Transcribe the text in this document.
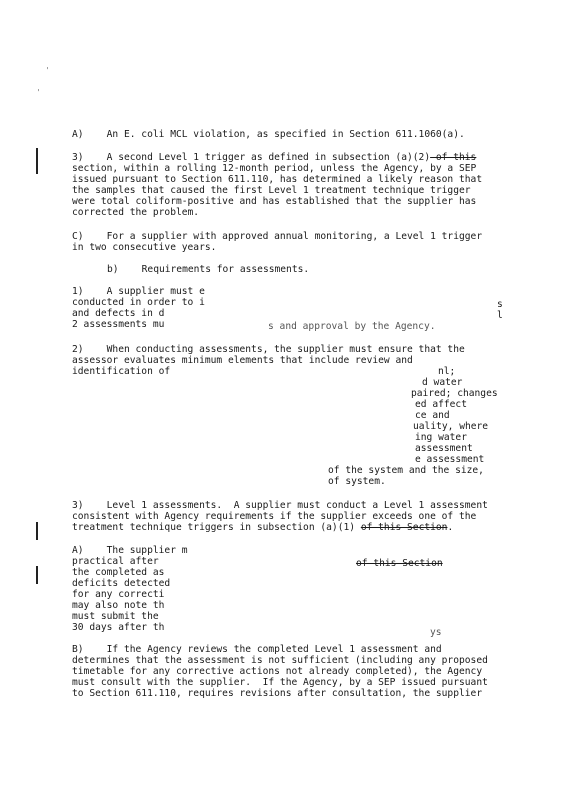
'
'
A)    An E. coli MCL violation, as specified in Section 611.1060(a).
3)    A second Level 1 trigger as defined in subsection (a)(2) of this
section, within a rolling 12-month period, unless the Agency, by a SEP
issued pursuant to Section 611.110, has determined a likely reason that
the samples that caused the first Level 1 treatment technique trigger
were total coliform-positive and has established that the supplier has
corrected the problem.
C)    For a supplier with approved annual monitoring, a Level 1 trigger
in two consecutive years.
b)    Requirements for assessments.
1)    A supplier must e
conducted in order to i
and defects in d
2 assessments mu
s
l
s and approval by the Agency.
2)    When conducting assessments, the supplier must ensure that the
assessor evaluates minimum elements that include review and
identification of	nl;
d water
paired; changes
ed affect
ce and
uality, where
ing water
assessment
e assessment
of the system and the size,
of system.
3)    Level 1 assessments.  A supplier must conduct a Level 1 assessment
consistent with Agency requirements if the supplier exceeds one of the
treatment technique triggers in subsection (a)(1) of this Section.
A)    The supplier m
practical after
the completed as
deficits detected
for any correcti
may also note th
must submit the
30 days after th
of this Section
ys
B)    If the Agency reviews the completed Level 1 assessment and
determines that the assessment is not sufficient (including any proposed
timetable for any corrective actions not already completed), the Agency
must consult with the supplier.  If the Agency, by a SEP issued pursuant
to Section 611.110, requires revisions after consultation, the supplier
